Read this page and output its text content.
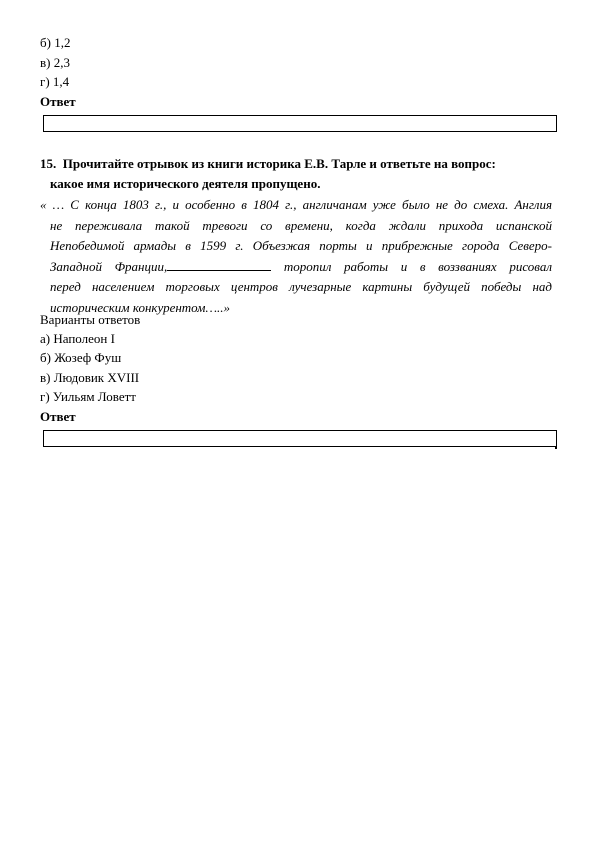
б) 1,2
в) 2,3
г) 1,4
Ответ
15. Прочитайте отрывок из книги историка Е.В. Тарле и ответьте на вопрос:
какое имя исторического деятеля пропущено.
« … С конца 1803 г., и особенно в 1804 г., англичанам уже было не до смеха. Англия
не переживала такой тревоги со времени, когда ждали прихода испанской
Непобедимой армады в 1599 г. Объезжая порты и прибрежные города Северо-
Западной Франции,	торопил работы и в воззваниях рисовал
перед населением торговых центров лучезарные картины будущей победы над
историческим конкурентом…..»
Варианты ответов
а) Наполеон I
б) Жозеф Фуш
в) Людовик XVIII
г) Уильям Ловетт
Ответ
